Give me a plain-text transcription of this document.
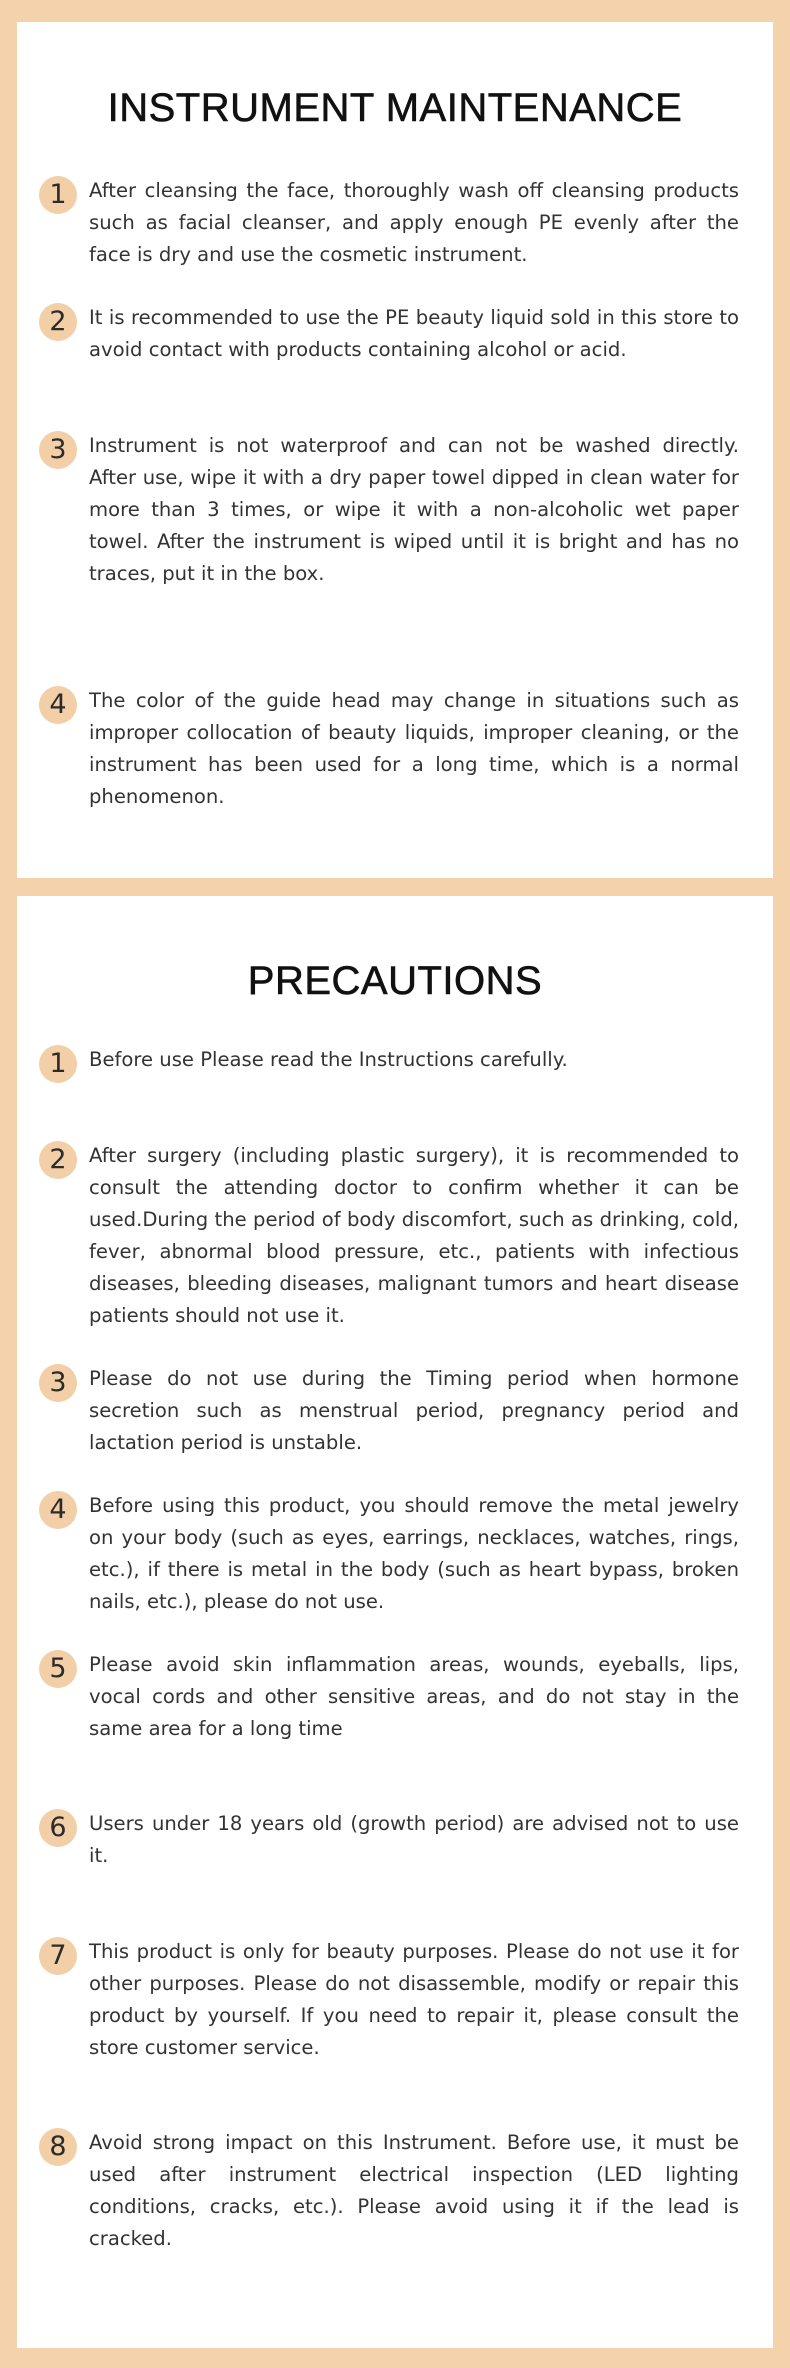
INSTRUMENT MAINTENANCE
1	After cleansing the face, thoroughly wash off cleansing products such as facial cleanser, and apply enough PE evenly after the face is dry and use the cosmetic instrument.

2	It is recommended to use the PE beauty liquid sold in this store to avoid contact with products containing alcohol or acid.

3	Instrument is not waterproof and can not be washed directly. After use, wipe it with a dry paper towel dipped in clean water for more than 3 times, or wipe it with a non-alcoholic wet paper towel. After the instrument is wiped until it is bright and has no traces, put it in the box.

4	The color of the guide head may change in situations such as improper collocation of beauty liquids, improper cleaning, or the instrument has been used for a long time, which is a normal phenomenon.

PRECAUTIONS
1	Before use Please read the Instructions carefully.

2	After surgery (including plastic surgery), it is recommended to consult the attending doctor to confirm whether it can be used.During the period of body discomfort, such as drinking, cold, fever, abnormal blood pressure, etc., patients with infectious diseases, bleeding diseases, malignant tumors and heart disease patients should not use it.

3	Please do not use during the Timing period when hormone secretion such as menstrual period, pregnancy period and lactation period is unstable.

4	Before using this product, you should remove the metal jewelry on your body (such as eyes, earrings, necklaces, watches, rings, etc.), if there is metal in the body (such as heart bypass, broken nails, etc.), please do not use.

5	Please avoid skin inflammation areas, wounds, eyeballs, lips, vocal cords and other sensitive areas, and do not stay in the same area for a long time

6	Users under 18 years old (growth period) are advised not to use it.

7	This product is only for beauty purposes. Please do not use it for other purposes. Please do not disassemble, modify or repair this product by yourself. If you need to repair it, please consult the store customer service.

8	Avoid strong impact on this Instrument. Before use, it must be used after instrument electrical inspection (LED lighting conditions, cracks, etc.). Please avoid using it if the lead is cracked.
